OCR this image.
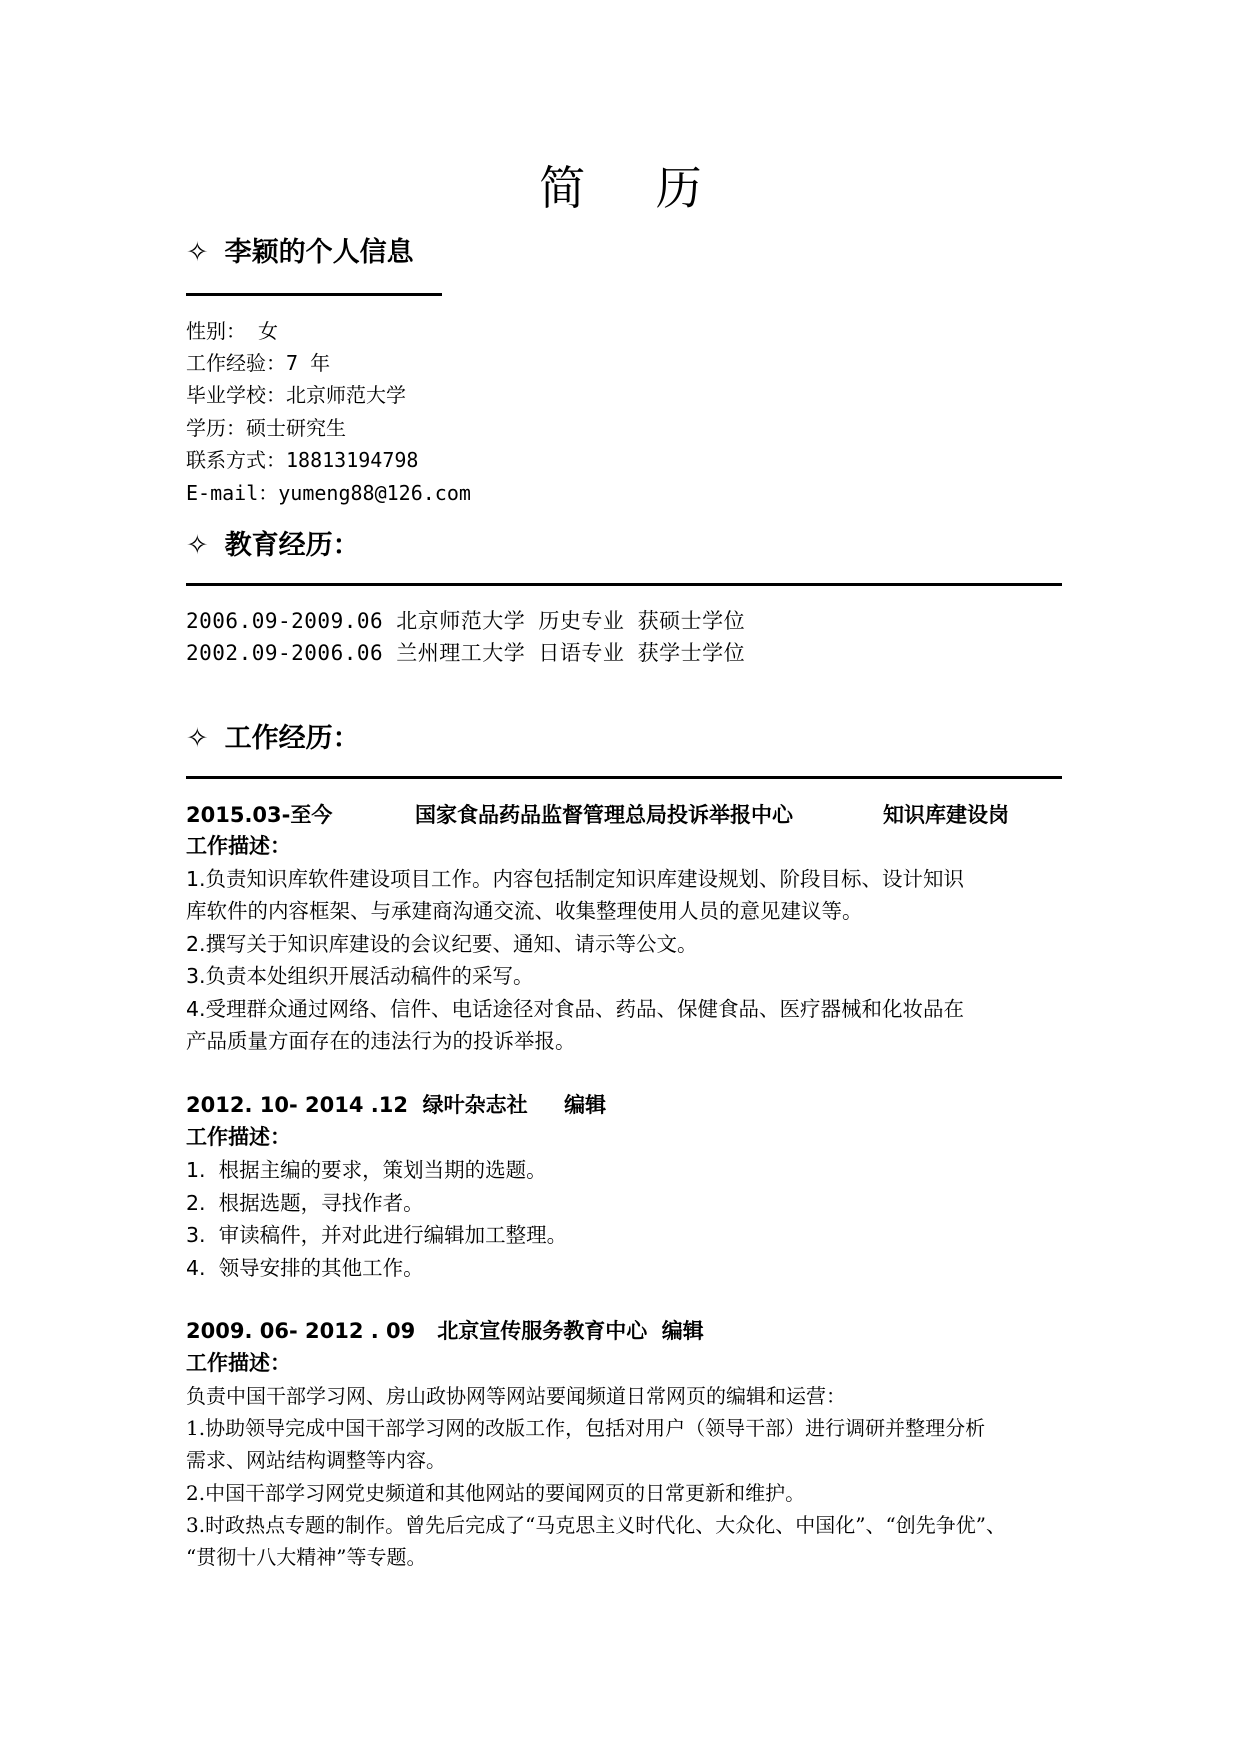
简 历
✧ 李颖的个人信息
性别： 女
工作经验：7 年
毕业学校：北京师范大学
学历：硕士研究生
联系方式：18813194798
E-mail：yumeng88@126.com
✧ 教育经历：
2006.09-2009.06 北京师范大学 历史专业 获硕士学位
2002.09-2006.06 兰州理工大学 日语专业 获学士学位
✧ 工作经历：
2015.03-至今	国家食品药品监督管理总局投诉举报中心	知识库建设岗
工作描述：
1.负责知识库软件建设项目工作。内容包括制定知识库建设规划、阶段目标、设计知识
库软件的内容框架、与承建商沟通交流、收集整理使用人员的意见建议等。
2.撰写关于知识库建设的会议纪要、通知、请示等公文。
3.负责本处组织开展活动稿件的采写。
4.受理群众通过网络、信件、电话途径对食品、药品、保健食品、医疗器械和化妆品在
产品质量方面存在的违法行为的投诉举报。
2012. 10- 2014 .12  绿叶杂志社     编辑
工作描述：
1.  根据主编的要求，策划当期的选题。
2.  根据选题，寻找作者。
3.  审读稿件，并对此进行编辑加工整理。
4.  领导安排的其他工作。
2009. 06- 2012 . 09   北京宣传服务教育中心  编辑
工作描述：
负责中国干部学习网、房山政协网等网站要闻频道日常网页的编辑和运营：
1.协助领导完成中国干部学习网的改版工作，包括对用户（领导干部）进行调研并整理分析
需求、网站结构调整等内容。
2.中国干部学习网党史频道和其他网站的要闻网页的日常更新和维护。
3.时政热点专题的制作。曾先后完成了“马克思主义时代化、大众化、中国化”、“创先争优”、
“贯彻十八大精神”等专题。
